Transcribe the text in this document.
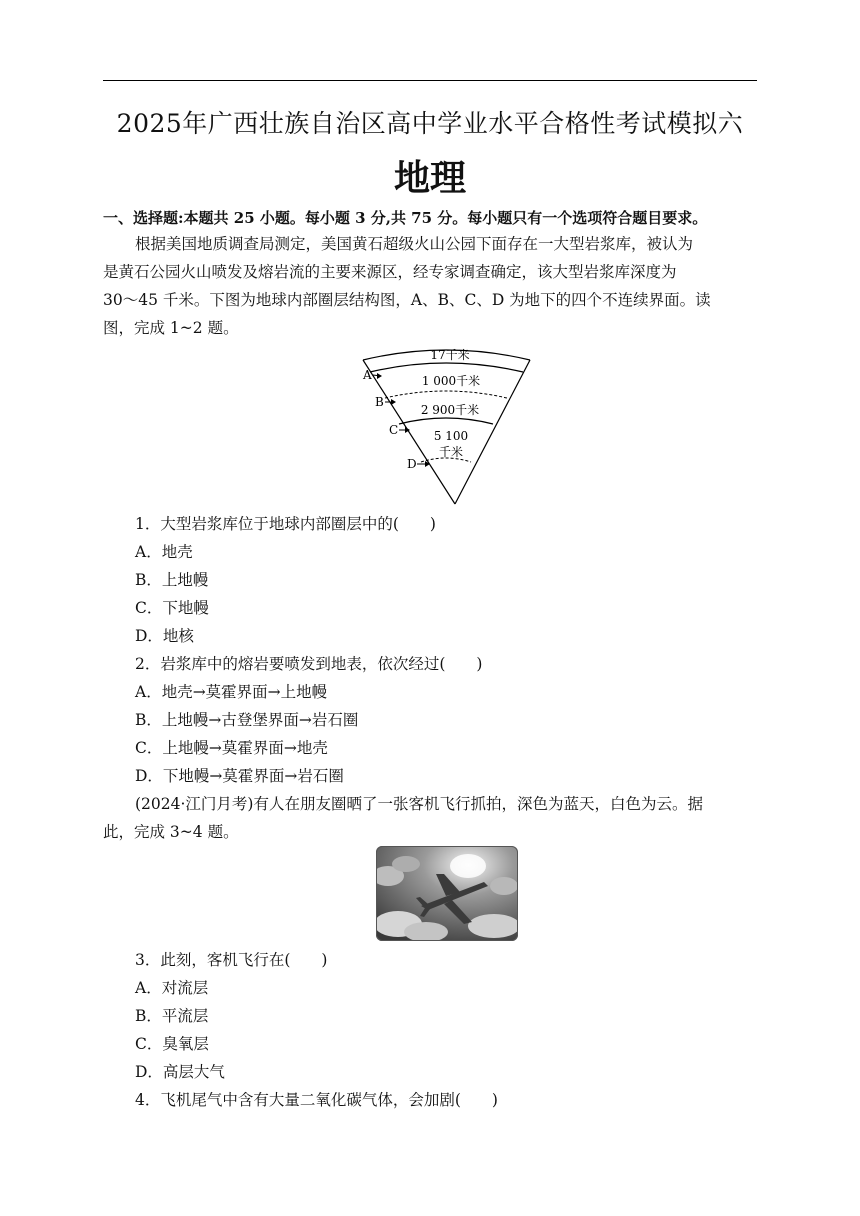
2025年广西壮族自治区高中学业水平合格性考试模拟六
地理
一、选择题:本题共 25 小题。每小题 3 分,共 75 分。每小题只有一个选项符合题目要求。
根据美国地质调查局测定，美国黄石超级火山公园下面存在一大型岩浆库，被认为
是黄石公园火山喷发及熔岩流的主要来源区，经专家调查确定，该大型岩浆库深度为
30～45 千米。下图为地球内部圈层结构图，A、B、C、D 为地下的四个不连续界面。读
图，完成 1~2 题。
17千米
1 000千米
2 900千米
5 100
千米
A
B
C
D
1．大型岩浆库位于地球内部圈层中的(　　)
A．地壳
B．上地幔
C．下地幔
D．地核
2．岩浆库中的熔岩要喷发到地表，依次经过(　　)
A．地壳→莫霍界面→上地幔
B．上地幔→古登堡界面→岩石圈
C．上地幔→莫霍界面→地壳
D．下地幔→莫霍界面→岩石圈
(2024·江门月考)有人在朋友圈晒了一张客机飞行抓拍，深色为蓝天，白色为云。据
此，完成 3~4 题。
3．此刻，客机飞行在(　　)
A．对流层
B．平流层
C．臭氧层
D．高层大气
4．飞机尾气中含有大量二氧化碳气体，会加剧(　　)
